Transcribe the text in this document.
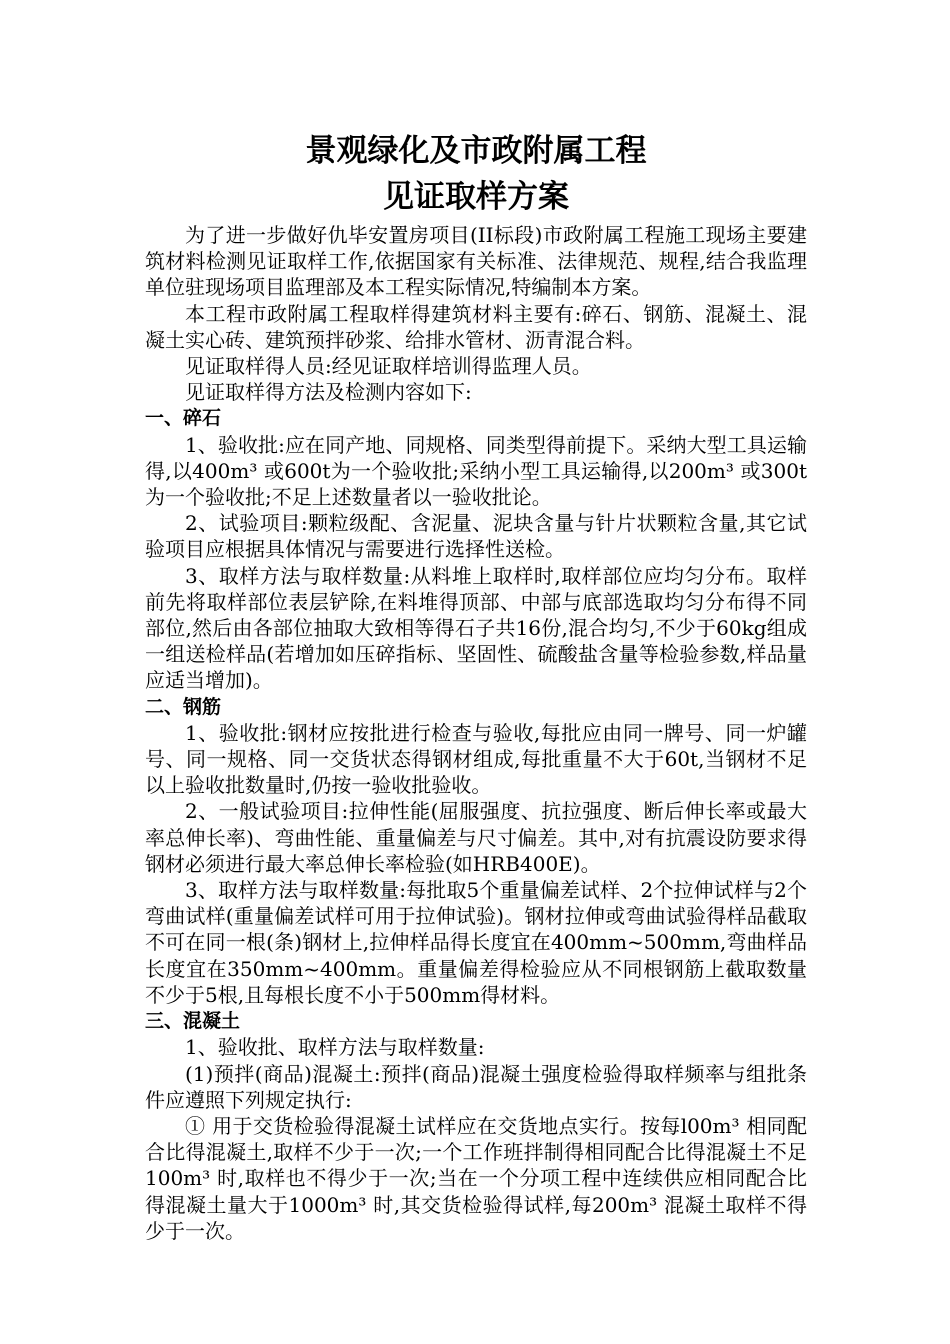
景观绿化及市政附属工程
见证取样方案

为了进一步做好仇毕安置房项目(II标段)市政附属工程施工现场主要建筑材料检测见证取样工作,依据国家有关标准、法律规范、规程,结合我监理单位驻现场项目监理部及本工程实际情况,特编制本方案。

本工程市政附属工程取样得建筑材料主要有:碎石、钢筋、混凝土、混凝土实心砖、建筑预拌砂浆、给排水管材、沥青混合料。

见证取样得人员:经见证取样培训得监理人员。

见证取样得方法及检测内容如下:

一、碎石

1、验收批:应在同产地、同规格、同类型得前提下。采纳大型工具运输得,以400m³ 或600t为一个验收批;采纳小型工具运输得,以200m³ 或300t为一个验收批;不足上述数量者以一验收批论。

2、试验项目:颗粒级配、含泥量、泥块含量与针片状颗粒含量,其它试验项目应根据具体情况与需要进行选择性送检。

3、取样方法与取样数量:从料堆上取样时,取样部位应均匀分布。取样前先将取样部位表层铲除,在料堆得顶部、中部与底部选取均匀分布得不同部位,然后由各部位抽取大致相等得石子共16份,混合均匀,不少于60kg组成一组送检样品(若增加如压碎指标、坚固性、硫酸盐含量等检验参数,样品量应适当增加)。

二、钢筋

1、验收批:钢材应按批进行检查与验收,每批应由同一牌号、同一炉罐号、同一规格、同一交货状态得钢材组成,每批重量不大于60t,当钢材不足以上验收批数量时,仍按一验收批验收。

2、一般试验项目:拉伸性能(屈服强度、抗拉强度、断后伸长率或最大率总伸长率)、弯曲性能、重量偏差与尺寸偏差。其中,对有抗震设防要求得钢材必须进行最大率总伸长率检验(如HRB400E)。

3、取样方法与取样数量:每批取5个重量偏差试样、2个拉伸试样与2个弯曲试样(重量偏差试样可用于拉伸试验)。钢材拉伸或弯曲试验得样品截取不可在同一根(条)钢材上,拉伸样品得长度宜在400mm~500mm,弯曲样品长度宜在350mm~400mm。重量偏差得检验应从不同根钢筋上截取数量不少于5根,且每根长度不小于500mm得材料。

三、混凝土

1、验收批、取样方法与取样数量:

(1)预拌(商品)混凝土:预拌(商品)混凝土强度检验得取样频率与组批条件应遵照下列规定执行:

① 用于交货检验得混凝土试样应在交货地点实行。按每l00m³ 相同配合比得混凝土,取样不少于一次;一个工作班拌制得相同配合比得混凝土不足100m³ 时,取样也不得少于一次;当在一个分项工程中连续供应相同配合比得混凝土量大于1000m³ 时,其交货检验得试样,每200m³ 混凝土取样不得少于一次。
